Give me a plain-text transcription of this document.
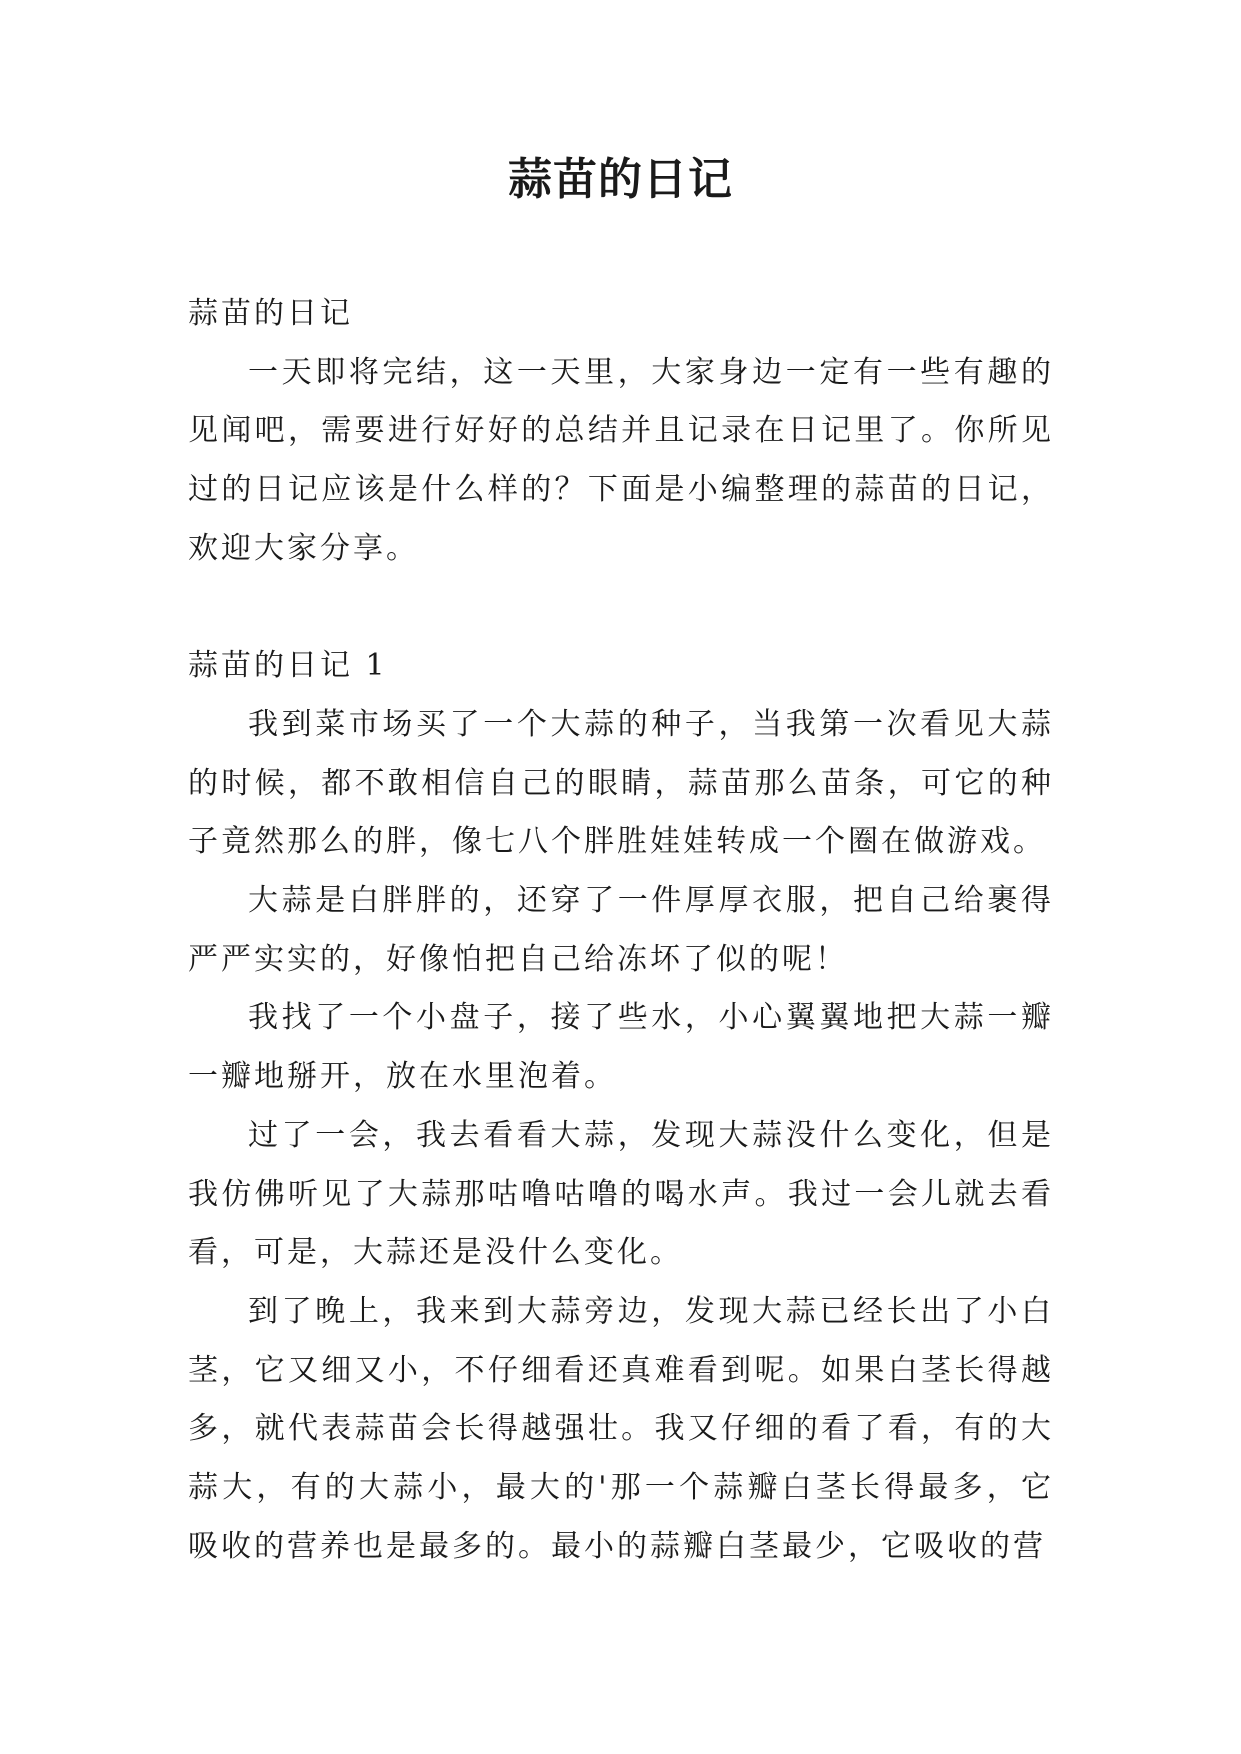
蒜苗的日记

蒜苗的日记

一天即将完结，这一天里，大家身边一定有一些有趣的见闻吧，需要进行好好的总结并且记录在日记里了。你所见过的日记应该是什么样的？下面是小编整理的蒜苗的日记，欢迎大家分享。

蒜苗的日记 1

我到菜市场买了一个大蒜的种子，当我第一次看见大蒜的时候，都不敢相信自己的眼睛，蒜苗那么苗条，可它的种子竟然那么的胖，像七八个胖胜娃娃转成一个圈在做游戏。

大蒜是白胖胖的，还穿了一件厚厚衣服，把自己给裹得严严实实的，好像怕把自己给冻坏了似的呢！

我找了一个小盘子，接了些水，小心翼翼地把大蒜一瓣一瓣地掰开，放在水里泡着。

过了一会，我去看看大蒜，发现大蒜没什么变化，但是我仿佛听见了大蒜那咕噜咕噜的喝水声。我过一会儿就去看看，可是，大蒜还是没什么变化。

到了晚上，我来到大蒜旁边，发现大蒜已经长出了小白茎，它又细又小，不仔细看还真难看到呢。如果白茎长得越多，就代表蒜苗会长得越强壮。我又仔细的看了看，有的大蒜大，有的大蒜小，最大的'那一个蒜瓣白茎长得最多，它吸收的营养也是最多的。最小的蒜瓣白茎最少，它吸收的营
